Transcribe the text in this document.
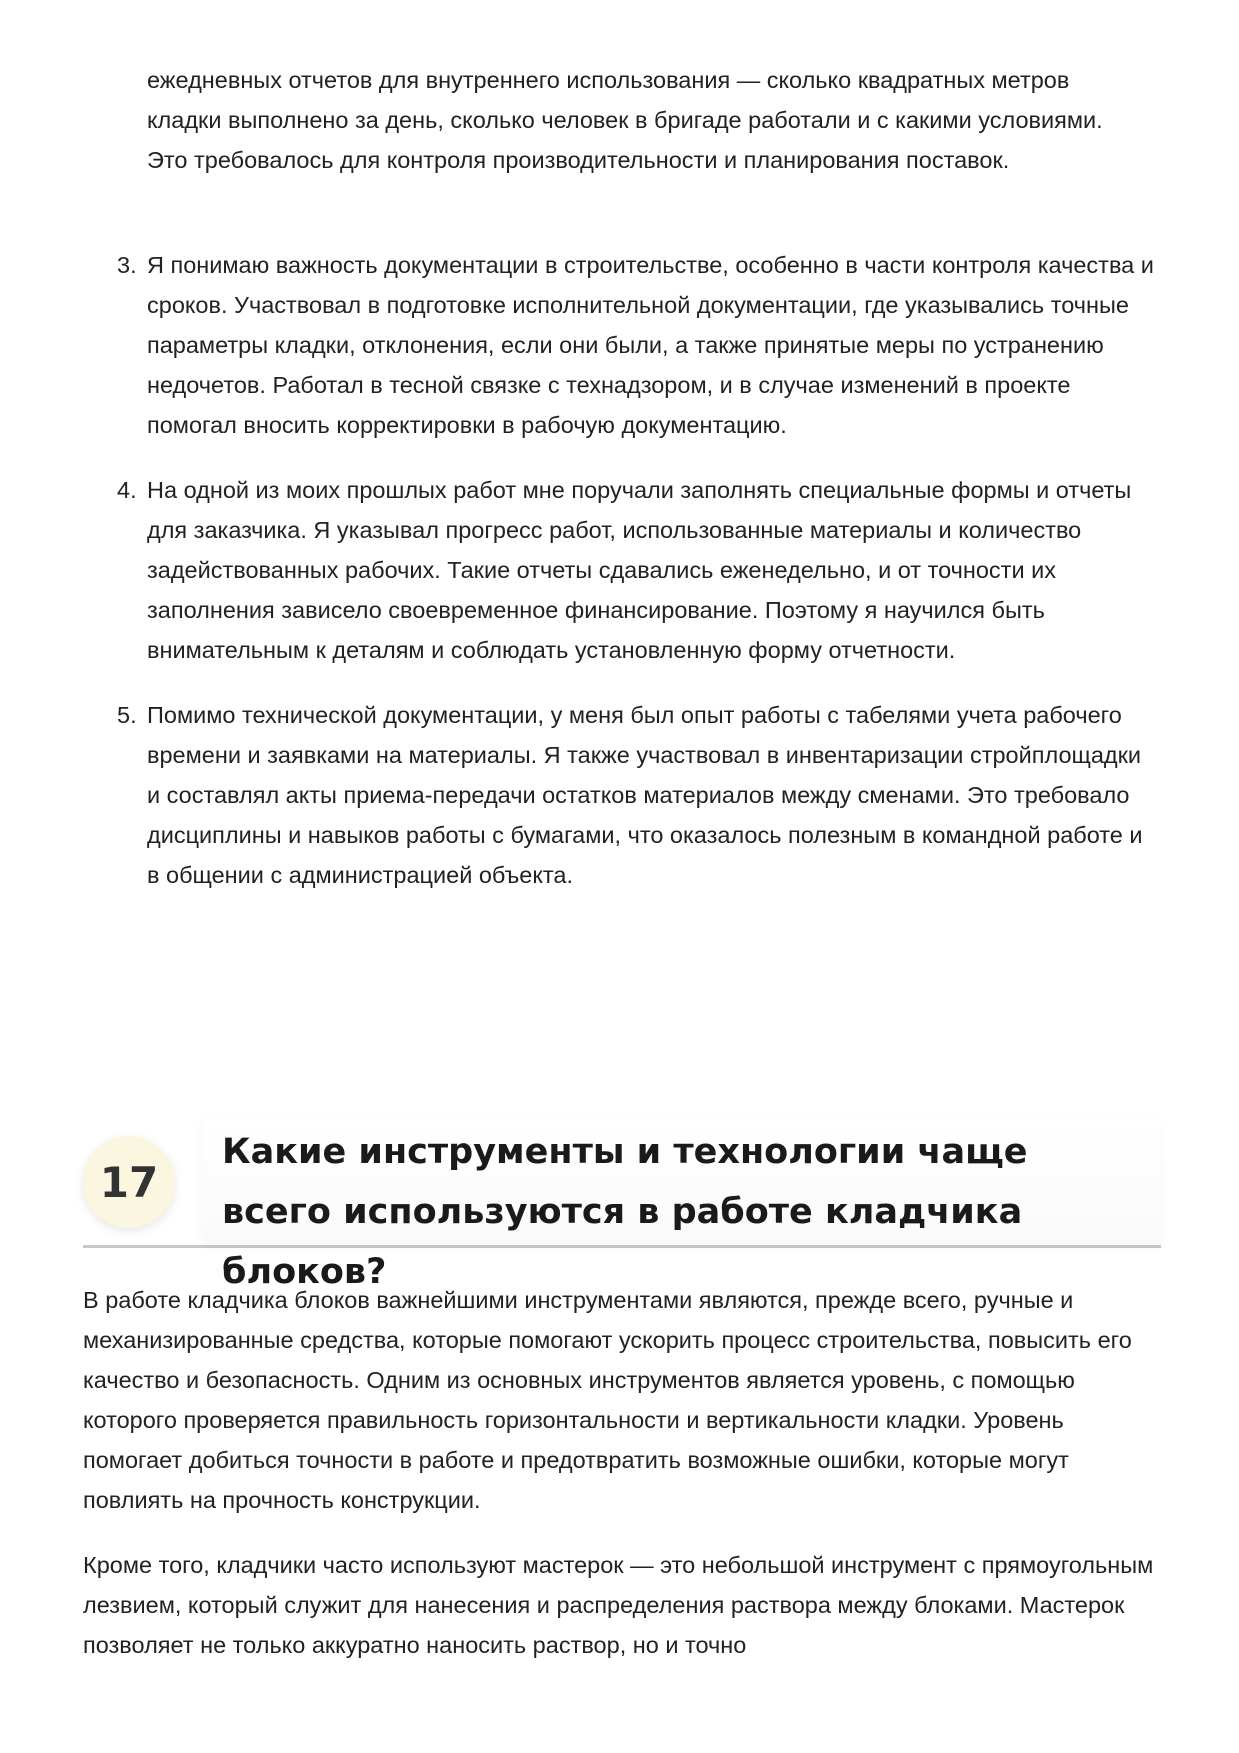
ежедневных отчетов для внутреннего использования — сколько квадратных метров кладки выполнено за день, сколько человек в бригаде работали и с какими условиями. Это требовалось для контроля производительности и планирования поставок.

3. Я понимаю важность документации в строительстве, особенно в части контроля качества и сроков. Участвовал в подготовке исполнительной документации, где указывались точные параметры кладки, отклонения, если они были, а также принятые меры по устранению недочетов. Работал в тесной связке с технадзором, и в случае изменений в проекте помогал вносить корректировки в рабочую документацию.
4. На одной из моих прошлых работ мне поручали заполнять специальные формы и отчеты для заказчика. Я указывал прогресс работ, использованные материалы и количество задействованных рабочих. Такие отчеты сдавались еженедельно, и от точности их заполнения зависело своевременное финансирование. Поэтому я научился быть внимательным к деталям и соблюдать установленную форму отчетности.
5. Помимо технической документации, у меня был опыт работы с табелями учета рабочего времени и заявками на материалы. Я также участвовал в инвентаризации стройплощадки и составлял акты приема-передачи остатков материалов между сменами. Это требовало дисциплины и навыков работы с бумагами, что оказалось полезным в командной работе и в общении с администрацией объекта.
17
Какие инструменты и технологии чаще всего используются в работе кладчика блоков?

В работе кладчика блоков важнейшими инструментами являются, прежде всего, ручные и механизированные средства, которые помогают ускорить процесс строительства, повысить его качество и безопасность. Одним из основных инструментов является уровень, с помощью которого проверяется правильность горизонтальности и вертикальности кладки. Уровень помогает добиться точности в работе и предотвратить возможные ошибки, которые могут повлиять на прочность конструкции.

Кроме того, кладчики часто используют мастерок — это небольшой инструмент с прямоугольным лезвием, который служит для нанесения и распределения раствора между блоками. Мастерок позволяет не только аккуратно наносить раствор, но и точно
